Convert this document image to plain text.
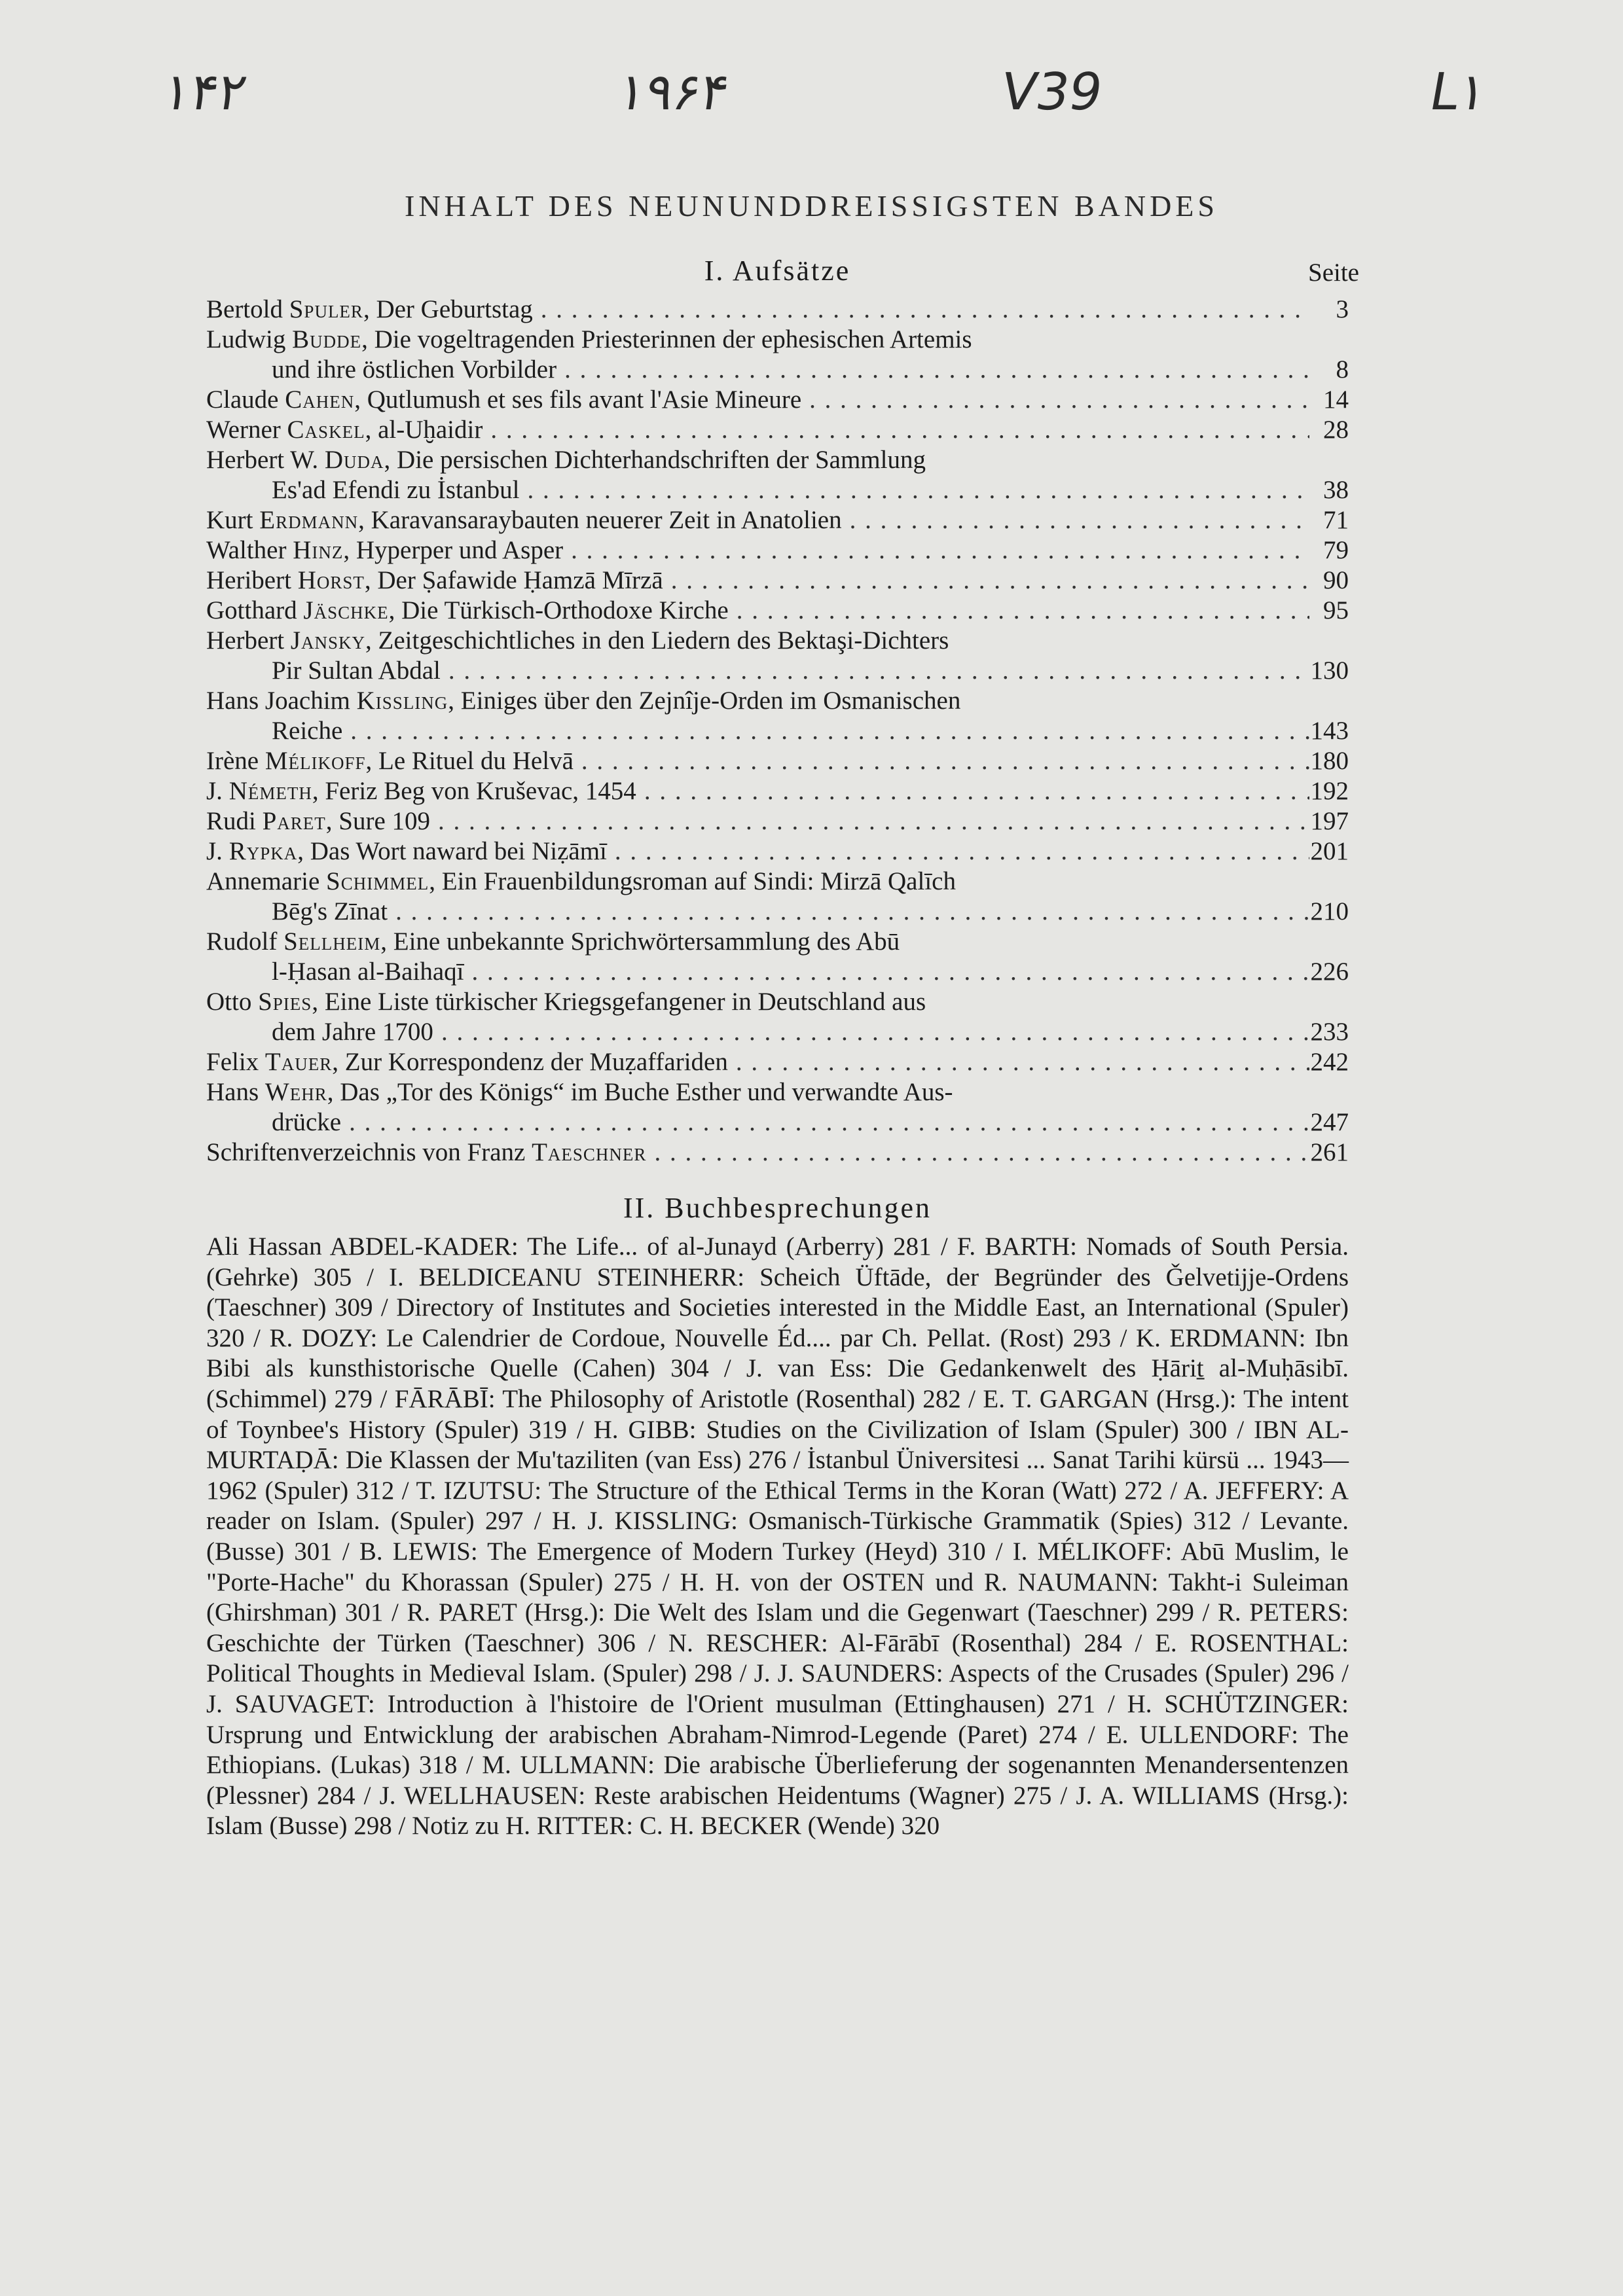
۱۴۲	۱۹۶۴	V39	L۱
INHALT DES NEUNUNDDREISSIGSTEN BANDES
I. Aufsätze	Seite
Bertold Spuler, Der Geburtstag . . .	3
Ludwig Budde, Die vogeltragenden Priesterinnen der ephesischen Artemis
und ihre östlichen Vorbilder . . .	8
Claude Cahen, Qutlumush et ses fils avant l'Asie Mineure . . .	14
Werner Caskel, al-Uḫaidir . . .	28
Herbert W. Duda, Die persischen Dichterhandschriften der Sammlung
Es'ad Efendi zu İstanbul . . .	38
Kurt Erdmann, Karavansaraybauten neuerer Zeit in Anatolien . . .	71
Walther Hinz, Hyperper und Asper . . .	79
Heribert Horst, Der Ṣafawide Ḥamzā Mīrzā . . .	90
Gotthard Jäschke, Die Türkisch-Orthodoxe Kirche . . .	95
Herbert Jansky, Zeitgeschichtliches in den Liedern des Bektaşi-Dichters
Pir Sultan Abdal . . .	130
Hans Joachim Kissling, Einiges über den Zejnîje-Orden im Osmanischen
Reiche . . .	143
Irène Mélikoff, Le Rituel du Helvā . . .	180
J. Németh, Feriz Beg von Kruševac, 1454 . . .	192
Rudi Paret, Sure 109 . . .	197
J. Rypka, Das Wort naward bei Niẓāmī . . .	201
Annemarie Schimmel, Ein Frauenbildungsroman auf Sindi: Mirzā Qalīch
Bēg's Zīnat . . .	210
Rudolf Sellheim, Eine unbekannte Sprichwörtersammlung des Abū
l-Ḥasan al-Baihaqī . . .	226
Otto Spies, Eine Liste türkischer Kriegsgefangener in Deutschland aus
dem Jahre 1700 . . .	233
Felix Tauer, Zur Korrespondenz der Muẓaffariden . . .	242
Hans Wehr, Das „Tor des Königs“ im Buche Esther und verwandte Aus-
drücke . . .	247
Schriftenverzeichnis von Franz Taeschner . . .	261
II. Buchbesprechungen

Ali Hassan ABDEL-KADER: The Life... of al-Junayd (Arberry) 281 / F. BARTH: Nomads of South Persia. (Gehrke) 305 / I. BELDICEANU STEINHERR: Scheich Üftāde, der Begründer des Ǧelvetijje-Ordens (Taeschner) 309 / Directory of Institutes and Societies interested in the Middle East, an International (Spuler) 320 / R. DOZY: Le Calendrier de Cordoue, Nouvelle Éd.... par Ch. Pellat. (Rost) 293 / K. ERDMANN: Ibn Bibi als kunsthistorische Quelle (Cahen) 304 / J. van Ess: Die Gedankenwelt des Ḥāriṯ al-Muḥāsibī. (Schimmel) 279 / FĀRĀBĪ: The Philosophy of Aristotle (Rosenthal) 282 / E. T. GARGAN (Hrsg.): The intent of Toynbee's History (Spuler) 319 / H. GIBB: Studies on the Civilization of Islam (Spuler) 300 / IBN AL-MURTAḌĀ: Die Klassen der Mu'taziliten (van Ess) 276 / İstanbul Üniversitesi ... Sanat Tarihi kürsü ... 1943—1962 (Spuler) 312 / T. IZUTSU: The Structure of the Ethical Terms in the Koran (Watt) 272 / A. JEFFERY: A reader on Islam. (Spuler) 297 / H. J. KISSLING: Osmanisch-Türkische Grammatik (Spies) 312 / Levante. (Busse) 301 / B. LEWIS: The Emergence of Modern Turkey (Heyd) 310 / I. MÉLIKOFF: Abū Muslim, le "Porte-Hache" du Khorassan (Spuler) 275 / H. H. von der OSTEN und R. NAUMANN: Takht-i Suleiman (Ghirshman) 301 / R. PARET (Hrsg.): Die Welt des Islam und die Gegenwart (Taeschner) 299 / R. PETERS: Geschichte der Türken (Taeschner) 306 / N. RESCHER: Al-Fārābī (Rosenthal) 284 / E. ROSENTHAL: Political Thoughts in Medieval Islam. (Spuler) 298 / J. J. SAUNDERS: Aspects of the Crusades (Spuler) 296 / J. SAUVAGET: Introduction à l'histoire de l'Orient musulman (Ettinghausen) 271 / H. SCHÜTZINGER: Ursprung und Entwicklung der arabischen Abraham-Nimrod-Legende (Paret) 274 / E. ULLENDORF: The Ethiopians. (Lukas) 318 / M. ULLMANN: Die arabische Überlieferung der sogenannten Menandersentenzen (Plessner) 284 / J. WELLHAUSEN: Reste arabischen Heidentums (Wagner) 275 / J. A. WILLIAMS (Hrsg.): Islam (Busse) 298 / Notiz zu H. RITTER: C. H. BECKER (Wende) 320
